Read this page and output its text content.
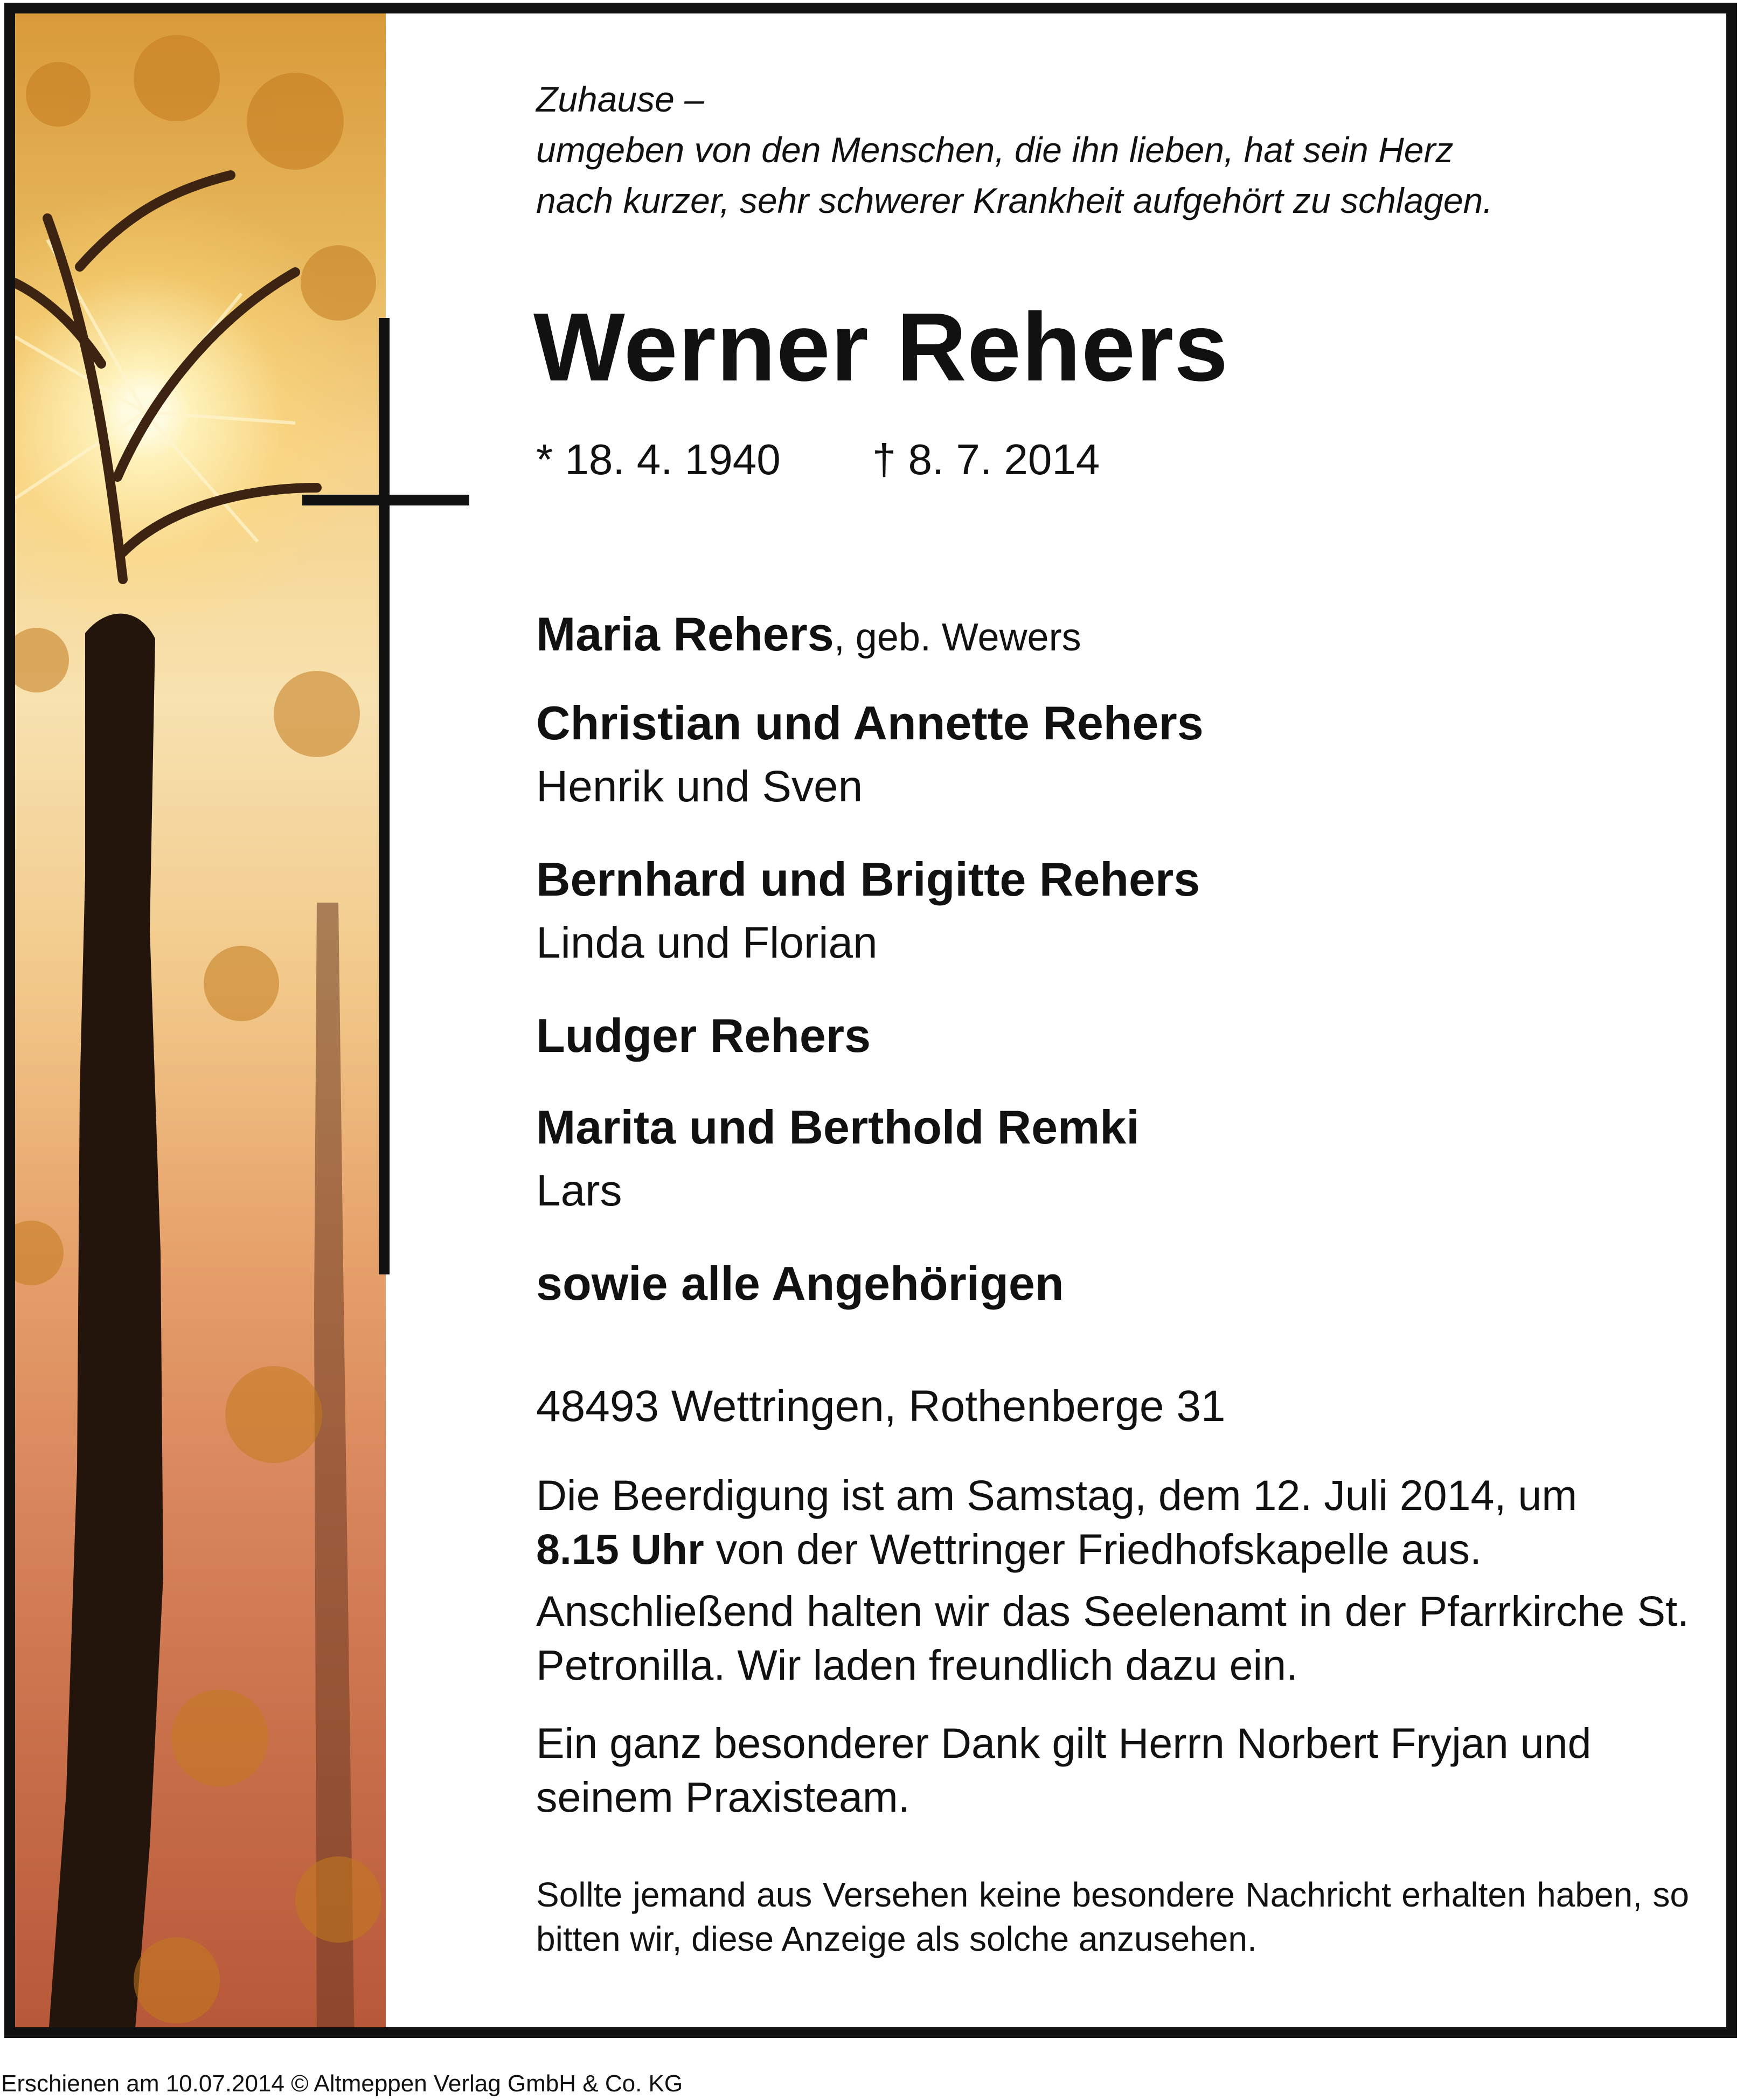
Zuhause –

umgeben von den Menschen, die ihn lieben, hat sein Herz

nach kurzer, sehr schwerer Krankheit aufgehört zu schlagen.

Werner Rehers

* 18. 4. 1940 † 8. 7. 2014

Maria Rehers, geb. Wewers

Christian und Annette Rehers

Henrik und Sven

Bernhard und Brigitte Rehers

Linda und Florian

Ludger Rehers

Marita und Berthold Remki

Lars

sowie alle Angehörigen

48493 Wettringen, Rothenberge 31

Die Beerdigung ist am Samstag, dem 12. Juli 2014, um

8.15 Uhr von der Wettringer Friedhofskapelle aus.

Anschließend halten wir das Seelenamt in der Pfarrkirche St. Petronilla. Wir laden freundlich dazu ein.

Ein ganz besonderer Dank gilt Herrn Norbert Fryjan und

seinem Praxisteam.

Sollte jemand aus Versehen keine besondere Nachricht erhalten haben, so bitten wir, diese Anzeige als solche anzusehen.

Erschienen am 10.07.2014 © Altmeppen Verlag GmbH & Co. KG
